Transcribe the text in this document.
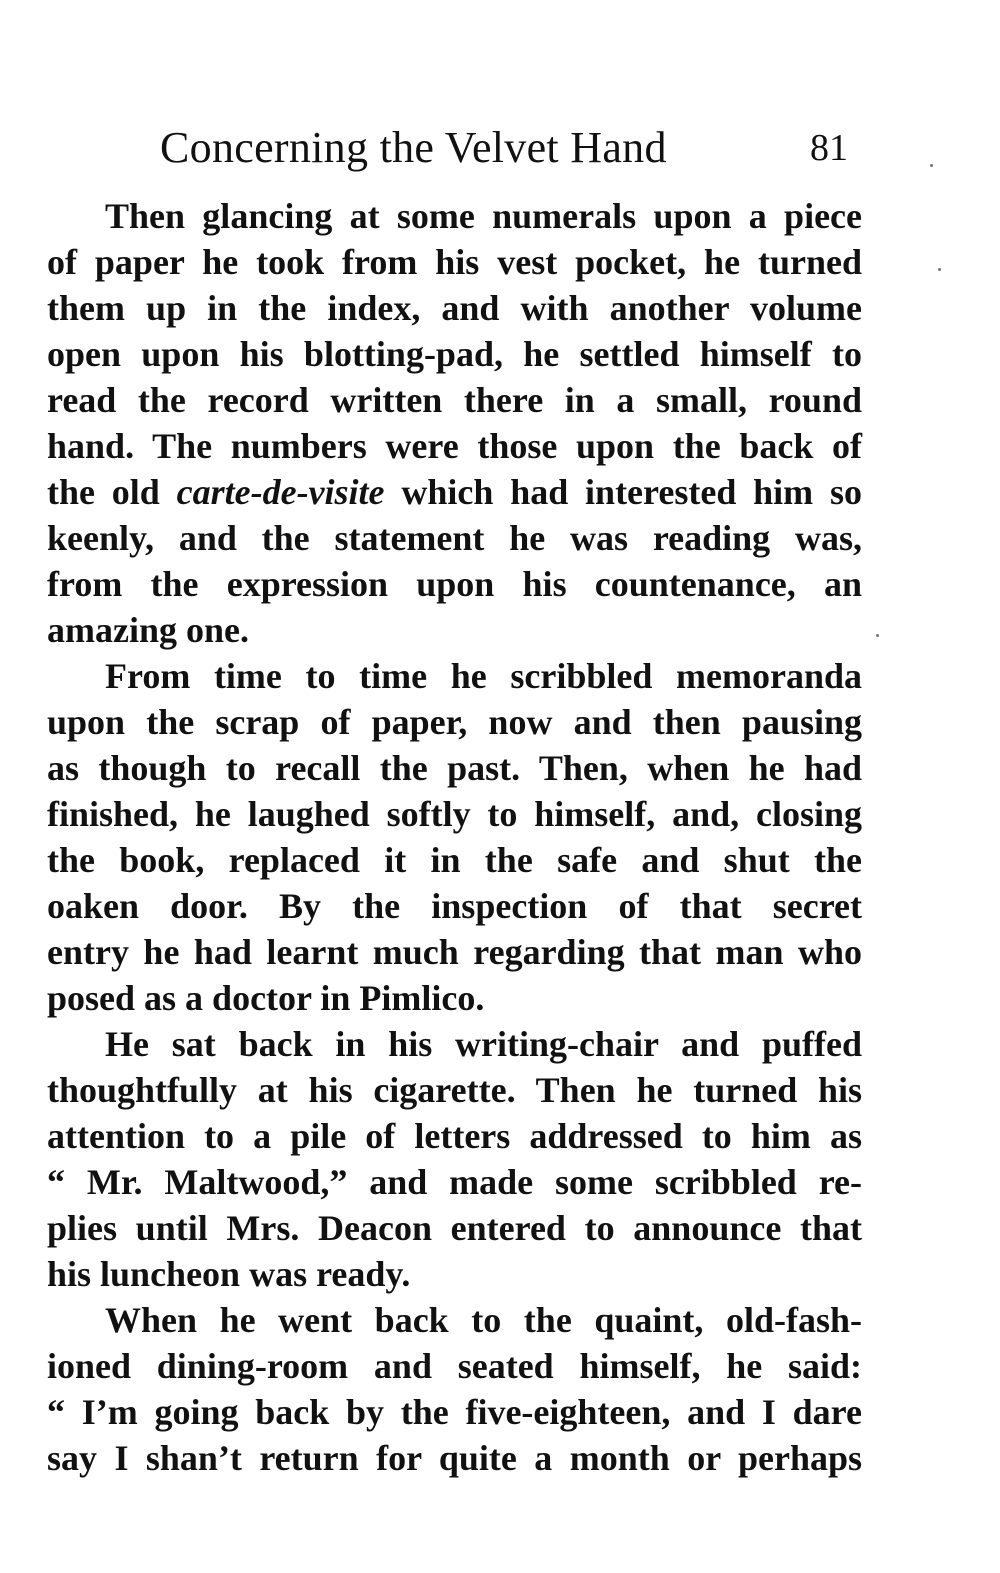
Concerning the Velvet Hand	81
Then glancing at some numerals upon a piece
of paper he took from his vest pocket, he turned
them up in the index, and with another volume
open upon his blotting-pad, he settled himself to
read the record written there in a small, round
hand. The numbers were those upon the back of
the old carte-de-visite which had interested him so
keenly, and the statement he was reading was,
from the expression upon his countenance, an
amazing one.
From time to time he scribbled memoranda
upon the scrap of paper, now and then pausing
as though to recall the past. Then, when he had
finished, he laughed softly to himself, and, closing
the book, replaced it in the safe and shut the
oaken door. By the inspection of that secret
entry he had learnt much regarding that man who
posed as a doctor in Pimlico.
He sat back in his writing-chair and puffed
thoughtfully at his cigarette. Then he turned his
attention to a pile of letters addressed to him as
“ Mr. Maltwood,” and made some scribbled re-
plies until Mrs. Deacon entered to announce that
his luncheon was ready.
When he went back to the quaint, old-fash-
ioned dining-room and seated himself, he said:
“ I’m going back by the five-eighteen, and I dare
say I shan’t return for quite a month or perhaps
